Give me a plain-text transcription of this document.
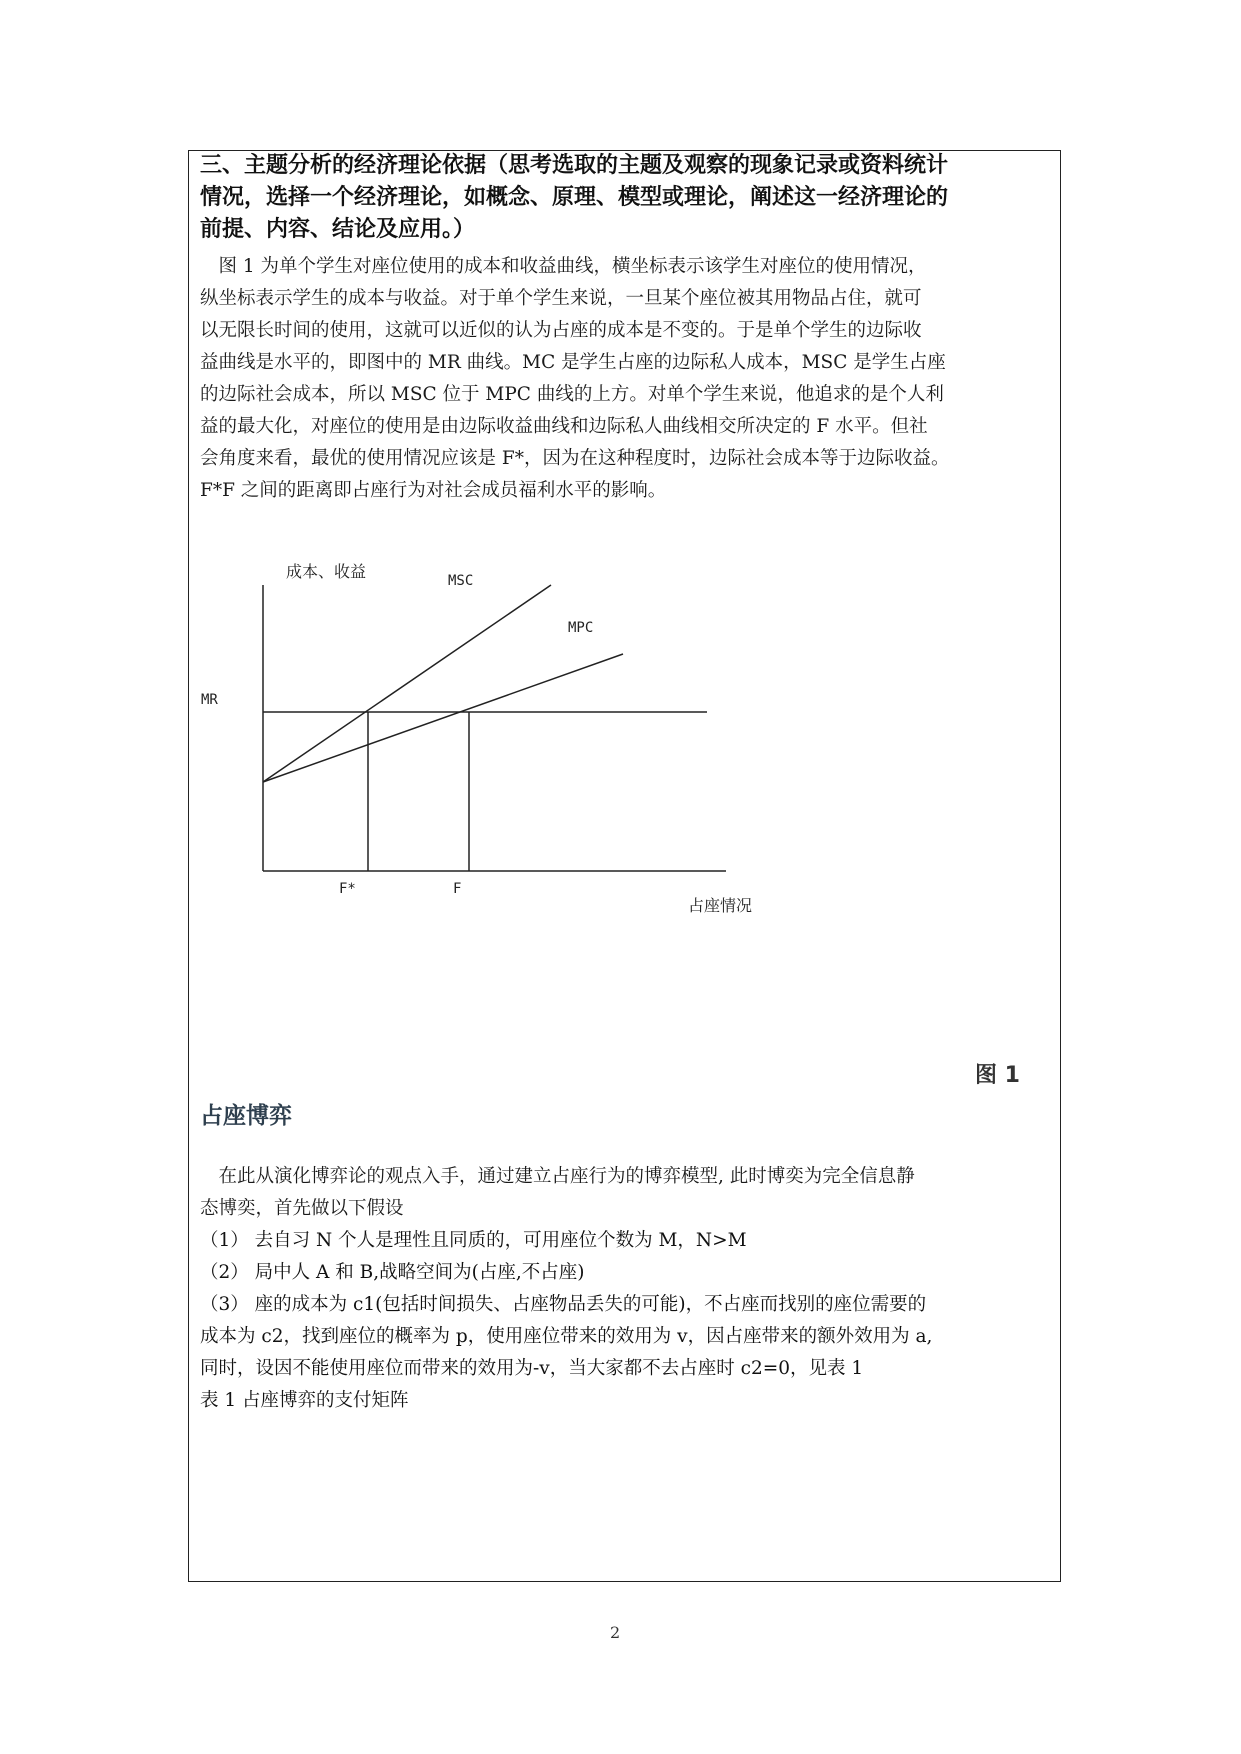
三、主题分析的经济理论依据（思考选取的主题及观察的现象记录或资料统计
情况，选择一个经济理论，如概念、原理、模型或理论，阐述这一经济理论的
前提、内容、结论及应用。）
　图 1 为单个学生对座位使用的成本和收益曲线，横坐标表示该学生对座位的使用情况，
纵坐标表示学生的成本与收益。对于单个学生来说，一旦某个座位被其用物品占住，就可
以无限长时间的使用，这就可以近似的认为占座的成本是不变的。于是单个学生的边际收
益曲线是水平的，即图中的 MR 曲线。MC 是学生占座的边际私人成本，MSC 是学生占座
的边际社会成本，所以 MSC 位于 MPC 曲线的上方。对单个学生来说，他追求的是个人利
益的最大化，对座位的使用是由边际收益曲线和边际私人曲线相交所决定的 F 水平。但社
会角度来看，最优的使用情况应该是 F*，因为在这种程度时，边际社会成本等于边际收益。
F*F 之间的距离即占座行为对社会成员福利水平的影响。
成本、收益	MSC
MPC
MR
F*	F
占座情况
图 1
占座博弈
　在此从演化博弈论的观点入手，通过建立占座行为的博弈模型, 此时博奕为完全信息静
态博奕，首先做以下假设
（1） 去自习 N 个人是理性且同质的，可用座位个数为 M，N>M
（2） 局中人 A 和 B,战略空间为(占座,不占座)
（3） 座的成本为 c1(包括时间损失、占座物品丢失的可能)，不占座而找别的座位需要的
成本为 c2，找到座位的概率为 p，使用座位带来的效用为 v，因占座带来的额外效用为 a,
同时，设因不能使用座位而带来的效用为-v，当大家都不去占座时 c2=0，见表 1
表 1 占座博弈的支付矩阵
2
